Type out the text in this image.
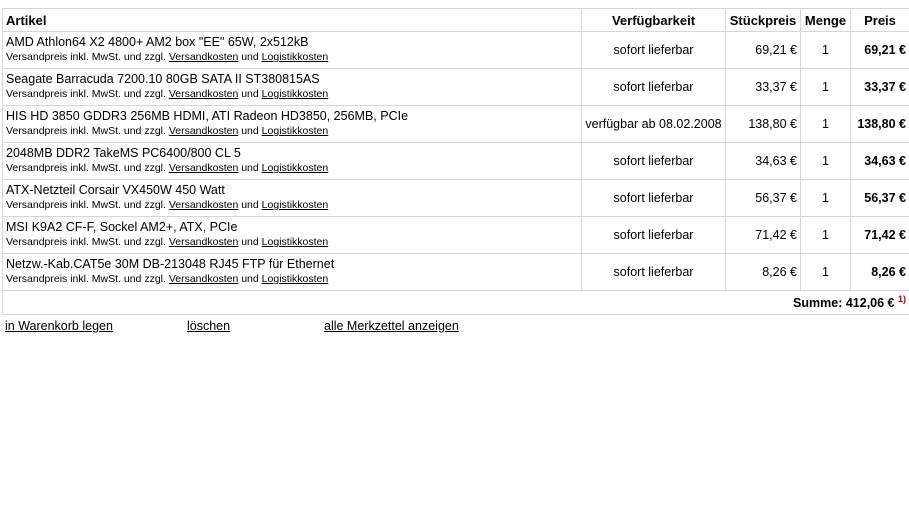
Artikel	Verfügbarkeit	Stückpreis	Menge	Preis

AMD Athlon64 X2 4800+ AM2 box "EE" 65W, 2x512kB
Versandpreis inkl. MwSt. und zzgl. Versandkosten und Logistikkosten	sofort lieferbar	69,21 €	1	69,21 €

Seagate Barracuda 7200.10 80GB SATA II ST380815AS
Versandpreis inkl. MwSt. und zzgl. Versandkosten und Logistikkosten	sofort lieferbar	33,37 €	1	33,37 €

HIS HD 3850 GDDR3 256MB HDMI, ATI Radeon HD3850, 256MB, PCIe
Versandpreis inkl. MwSt. und zzgl. Versandkosten und Logistikkosten	verfügbar ab 08.02.2008	138,80 €	1	138,80 €

2048MB DDR2 TakeMS PC6400/800 CL 5
Versandpreis inkl. MwSt. und zzgl. Versandkosten und Logistikkosten	sofort lieferbar	34,63 €	1	34,63 €

ATX-Netzteil Corsair VX450W 450 Watt
Versandpreis inkl. MwSt. und zzgl. Versandkosten und Logistikkosten	sofort lieferbar	56,37 €	1	56,37 €

MSI K9A2 CF-F, Sockel AM2+, ATX, PCIe
Versandpreis inkl. MwSt. und zzgl. Versandkosten und Logistikkosten	sofort lieferbar	71,42 €	1	71,42 €

Netzw.-Kab.CAT5e 30M DB-213048 RJ45 FTP für Ethernet
Versandpreis inkl. MwSt. und zzgl. Versandkosten und Logistikkosten	sofort lieferbar	8,26 €	1	8,26 €
Summe: 412,06 € $^{1)}$
in Warenkorb legen	löschen	alle Merkzettel anzeigen
